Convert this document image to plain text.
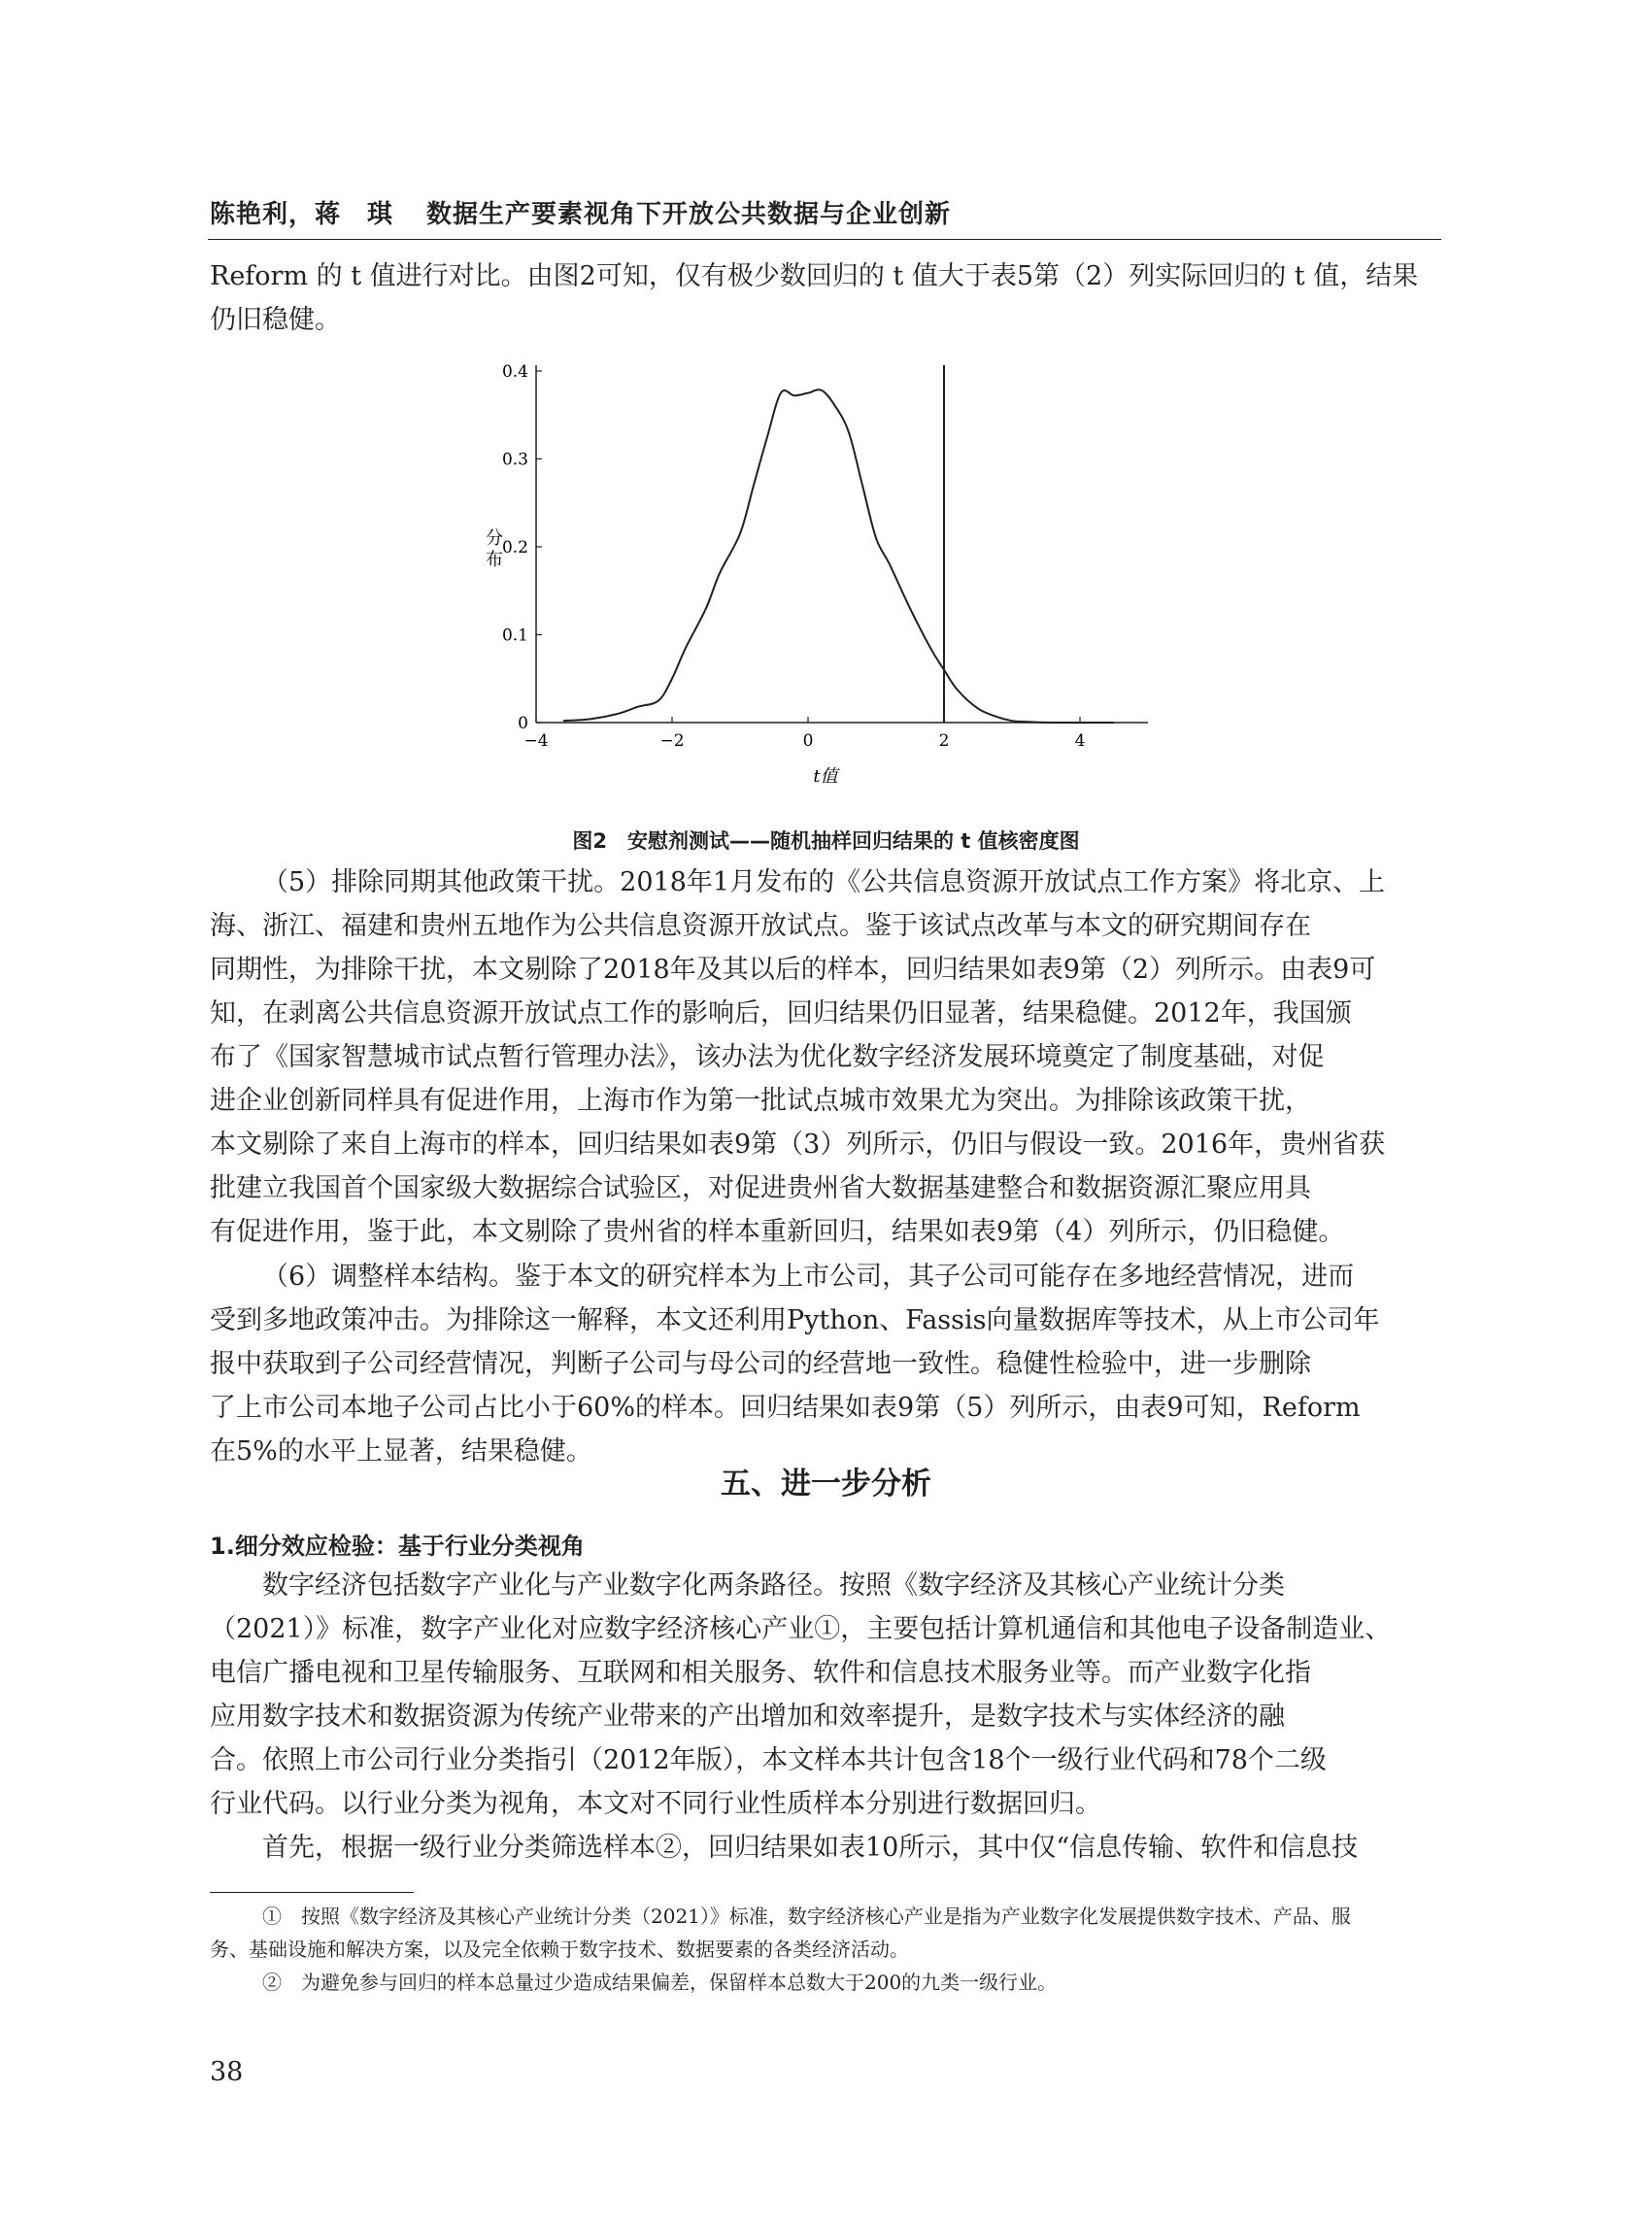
陈艳利，蒋　琪 数据生产要素视角下开放公共数据与企业创新
Reform 的 t 值进行对比。由图2可知，仅有极少数回归的 t 值大于表5第（2）列实际回归的 t 值，结果
仍旧稳健。
−4	−2	0	2	4
0
0.1
0.2
0.3
0.4
分
布
t值
图2　安慰剂测试——随机抽样回归结果的 t 值核密度图
（5）排除同期其他政策干扰。2018年1月发布的《公共信息资源开放试点工作方案》将北京、上
海、浙江、福建和贵州五地作为公共信息资源开放试点。鉴于该试点改革与本文的研究期间存在
同期性，为排除干扰，本文剔除了2018年及其以后的样本，回归结果如表9第（2）列所示。由表9可
知，在剥离公共信息资源开放试点工作的影响后，回归结果仍旧显著，结果稳健。2012年，我国颁
布了《国家智慧城市试点暂行管理办法》，该办法为优化数字经济发展环境奠定了制度基础，对促
进企业创新同样具有促进作用，上海市作为第一批试点城市效果尤为突出。为排除该政策干扰，
本文剔除了来自上海市的样本，回归结果如表9第（3）列所示，仍旧与假设一致。2016年，贵州省获
批建立我国首个国家级大数据综合试验区，对促进贵州省大数据基建整合和数据资源汇聚应用具
有促进作用，鉴于此，本文剔除了贵州省的样本重新回归，结果如表9第（4）列所示，仍旧稳健。
（6）调整样本结构。鉴于本文的研究样本为上市公司，其子公司可能存在多地经营情况，进而
受到多地政策冲击。为排除这一解释，本文还利用Python、Fassis向量数据库等技术，从上市公司年
报中获取到子公司经营情况，判断子公司与母公司的经营地一致性。稳健性检验中，进一步删除
了上市公司本地子公司占比小于60%的样本。回归结果如表9第（5）列所示，由表9可知，Reform
在5%的水平上显著，结果稳健。
五、进一步分析
1.细分效应检验：基于行业分类视角
数字经济包括数字产业化与产业数字化两条路径。按照《数字经济及其核心产业统计分类
（2021）》标准，数字产业化对应数字经济核心产业①，主要包括计算机通信和其他电子设备制造业、
电信广播电视和卫星传输服务、互联网和相关服务、软件和信息技术服务业等。而产业数字化指
应用数字技术和数据资源为传统产业带来的产出增加和效率提升，是数字技术与实体经济的融
合。依照上市公司行业分类指引（2012年版），本文样本共计包含18个一级行业代码和78个二级
行业代码。以行业分类为视角，本文对不同行业性质样本分别进行数据回归。
首先，根据一级行业分类筛选样本②，回归结果如表10所示，其中仅“信息传输、软件和信息技
①　按照《数字经济及其核心产业统计分类（2021）》标准，数字经济核心产业是指为产业数字化发展提供数字技术、产品、服
务、基础设施和解决方案，以及完全依赖于数字技术、数据要素的各类经济活动。
②　为避免参与回归的样本总量过少造成结果偏差，保留样本总数大于200的九类一级行业。
38
